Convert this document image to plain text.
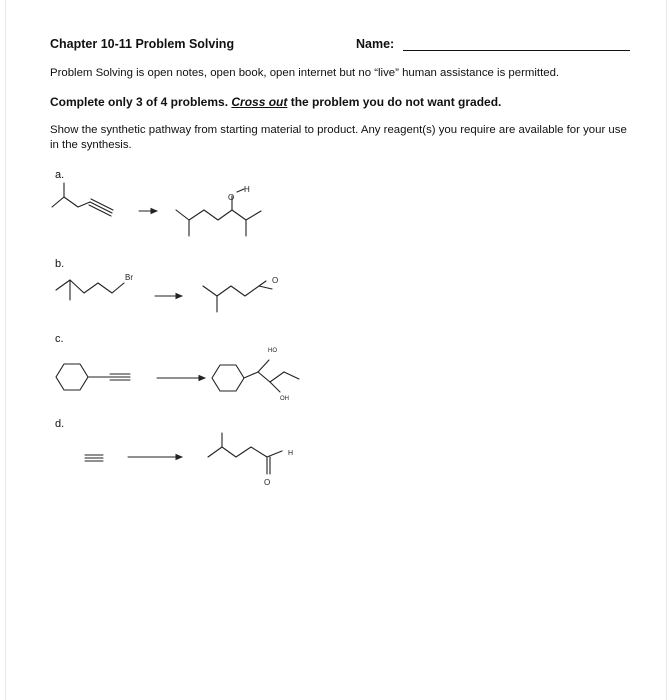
Chapter 10-11 Problem Solving	Name:
Problem Solving is open notes, open book, open internet but no “live” human assistance is permitted.
Complete only 3 of 4 problems. Cross out the problem you do not want graded.
Show the synthetic pathway from starting material to product. Any reagent(s) you require are available for your use in the synthesis.
a.
b.
c.
d.
O
H
Br	O
HO
OH
H
O
